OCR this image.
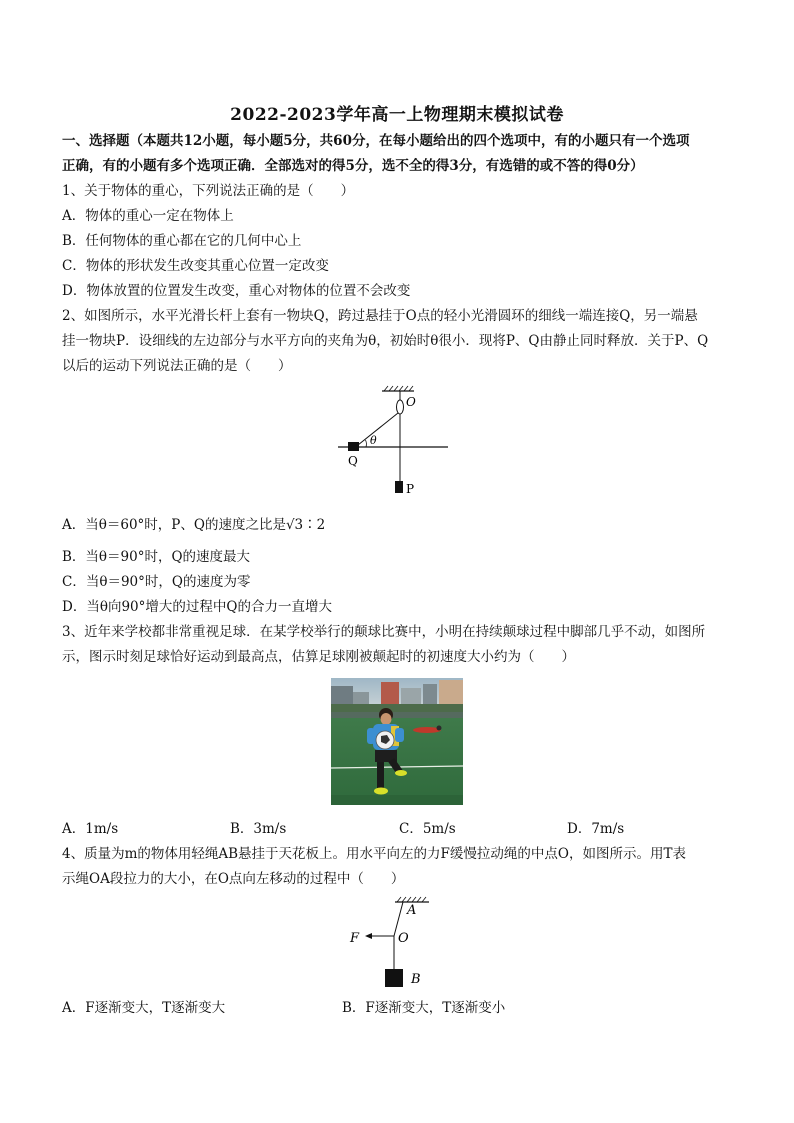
2022-2023学年高一上物理期末模拟试卷
一、选择题（本题共12小题，每小题5分，共60分，在每小题给出的四个选项中，有的小题只有一个选项
正确，有的小题有多个选项正确．全部选对的得5分，选不全的得3分，有选错的或不答的得0分）
1、关于物体的重心，下列说法正确的是（　　）
A．物体的重心一定在物体上
B．任何物体的重心都在它的几何中心上
C．物体的形状发生改变其重心位置一定改变
D．物体放置的位置发生改变，重心对物体的位置不会改变
2、如图所示，水平光滑长杆上套有一物块Q，跨过悬挂于O点的轻小光滑圆环的细线一端连接Q，另一端悬
挂一物块P．设细线的左边部分与水平方向的夹角为θ，初始时θ很小．现将P、Q由静止同时释放．关于P、Q
以后的运动下列说法正确的是（　　）
A．当θ＝60°时，P、Q的速度之比是√3∶2
B．当θ＝90°时，Q的速度最大
C．当θ＝90°时，Q的速度为零
D．当θ向90°增大的过程中Q的合力一直增大
3、近年来学校都非常重视足球．在某学校举行的颠球比赛中，小明在持续颠球过程中脚部几乎不动，如图所
示，图示时刻足球恰好运动到最高点，估算足球刚被颠起时的初速度大小约为（　　）
A．1m/s	B．3m/s	C．5m/s	D．7m/s
4、质量为m的物体用轻绳AB悬挂于天花板上。用水平向左的力F缓慢拉动绳的中点O，如图所示。用T表
示绳OA段拉力的大小，在O点向左移动的过程中（　　）
A．F逐渐变大，T逐渐变大	B．F逐渐变大，T逐渐变小
O
θ
Q
P
A
O
F
B
